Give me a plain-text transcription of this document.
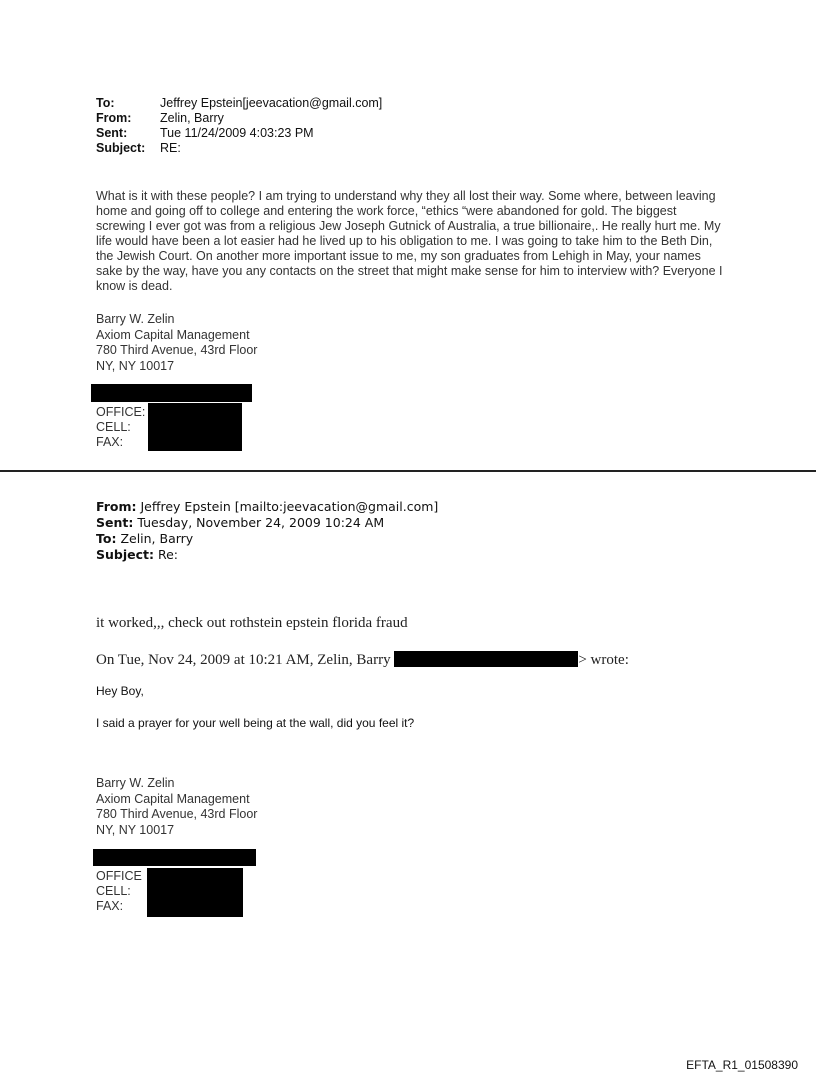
To:	Jeffrey Epstein[jeevacation@gmail.com]
From: Zelin, Barry
Sent:	Tue 11/24/2009 4:03:23 PM
Subject: RE:
What is it with these people? I am trying to understand why they all lost their way. Some where, between leaving home and going off to college and entering the work force, “ethics “were abandoned for gold. The biggest screwing I ever got was from a religious Jew Joseph Gutnick of Australia, a true billionaire,. He really hurt me. My life would have been a lot easier had he lived up to his obligation to me. I was going to take him to the Beth Din, the Jewish Court. On another more important issue to me, my son graduates from Lehigh in May, your names sake by the way, have you any contacts on the street that might make sense for him to interview with? Everyone I know is dead.
Barry W. Zelin
Axiom Capital Management
780 Third Avenue, 43rd Floor
NY, NY 10017
OFFICE:
CELL:
FAX:
From: Jeffrey Epstein [mailto:jeevacation@gmail.com]
Sent: Tuesday, November 24, 2009 10:24 AM
To: Zelin, Barry
Subject: Re:
it worked,,, check out rothstein epstein florida fraud
On Tue, Nov 24, 2009 at 10:21 AM, Zelin, Barry	> wrote:
Hey Boy,
I said a prayer for your well being at the wall, did you feel it?
Barry W. Zelin
Axiom Capital Management
780 Third Avenue, 43rd Floor
NY, NY 10017
OFFICE
CELL:
FAX:
EFTA_R1_01508390
